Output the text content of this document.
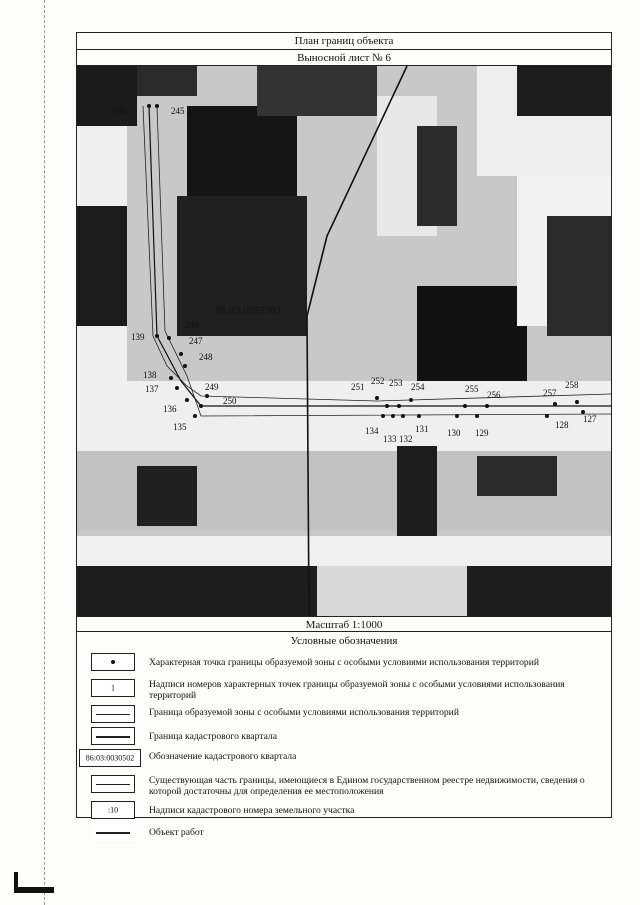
План границ объекта
Выносной лист № 6
86:03:0052301
86:03:0030502
140	245
139
246
247
248
138
137
136
249
250
135
251
252 253 254	255
256	257
258
134
133 132
131 130 129
128
127
Масштаб 1:1000
Условные обозначения
Характерная точка границы образуемой зоны с особыми условиями использования территорий
1	Надписи номеров характерных точек границы образуемой зоны с особыми условиями использования территорий
Граница образуемой зоны с особыми условиями использования территорий
Граница кадастрового квартала
86:03:0030502	Обозначение кадастрового квартала
Существующая часть границы, имеющиеся в Едином государственном реестре недвижимости, сведения о которой достаточны для определения ее местоположения
:10	Надписи кадастрового номера земельного участка
Объект работ
